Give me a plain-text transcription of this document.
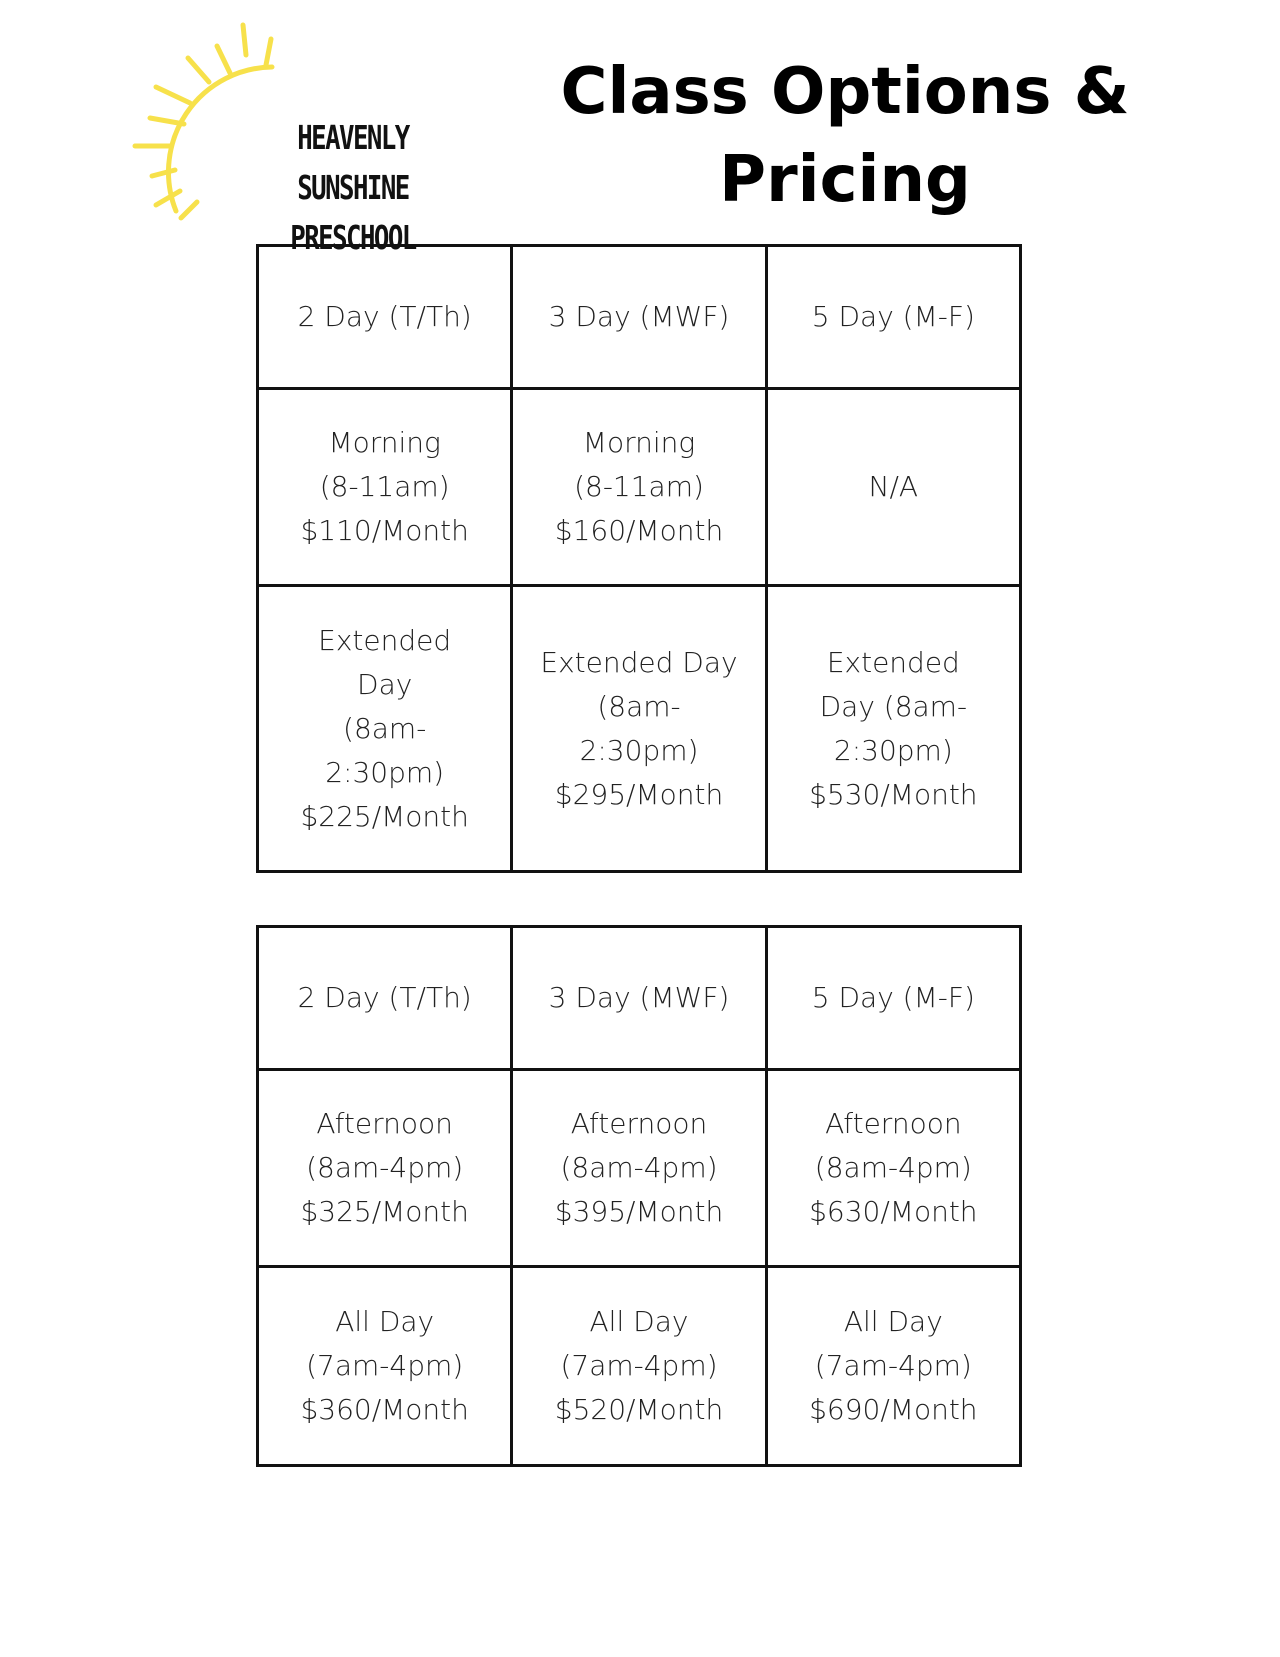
HEAVENLY SUNSHINE
PRESCHOOL
Class Options &
Pricing
2 Day (T/Th)	3 Day (MWF)	5 Day (M-F)

Morning
(8-11am)
$110/Month	Morning
(8-11am)
$160/Month	N/A

Extended
Day
(8am-
2:30pm)
$225/Month	Extended Day
(8am-
2:30pm)
$295/Month	Extended
Day (8am-
2:30pm)
$530/Month
2 Day (T/Th)	3 Day (MWF)	5 Day (M-F)

Afternoon
(8am-4pm)
$325/Month	Afternoon
(8am-4pm)
$395/Month	Afternoon
(8am-4pm)
$630/Month

All Day
(7am-4pm)
$360/Month	All Day
(7am-4pm)
$520/Month	All Day
(7am-4pm)
$690/Month
